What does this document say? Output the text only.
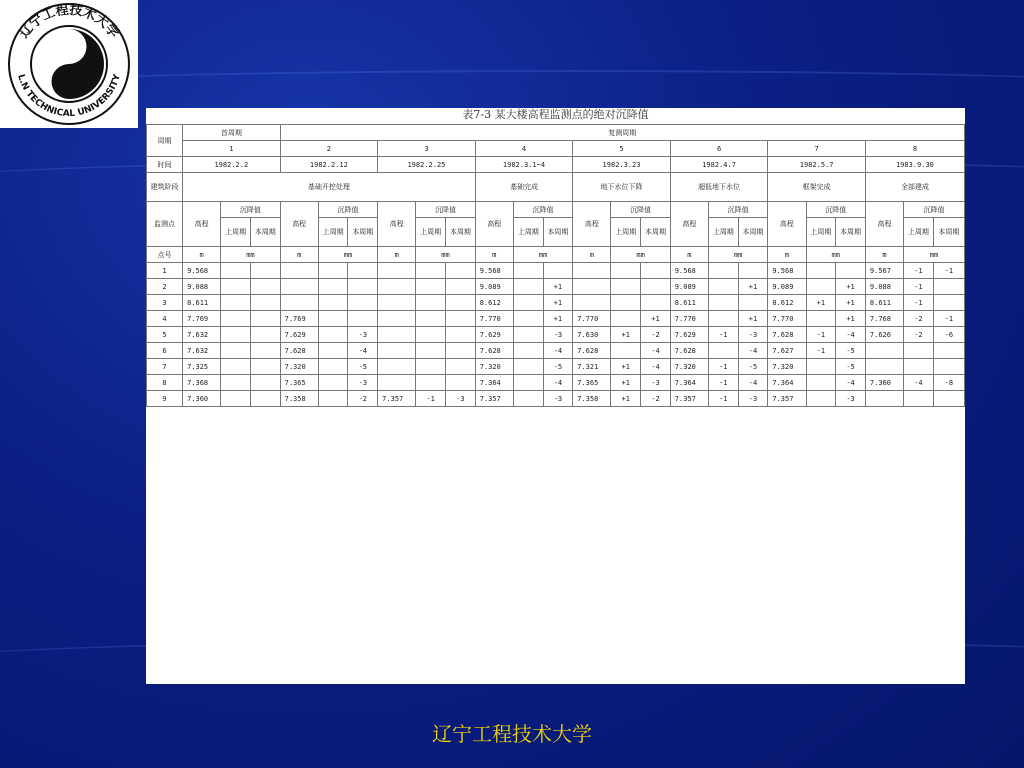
辽宁工程技术大学
L.N TECHNICAL UNIVERSITY
表7-3 某大楼高程监测点的绝对沉降值
周期	首周期			复测周期																				
	1			2			3			4			5			6			7			8		
时间	1982.2.2			1982.2.12			1982.2.25			1982.3.1~4			1982.3.23			1982.4.7			1982.5.7			1983.9.30		
建筑阶段	基础开挖处理									基础完成			地下水位下降			超低地下水位			框架完成			全部建成		
监测点	高程	沉降值		高程	沉降值		高程	沉降值		高程	沉降值		高程	沉降值		高程	沉降值		高程	沉降值		高程	沉降值	
		上周期	本周期		上周期	本周期		上周期	本周期		上周期	本周期		上周期	本周期		上周期	本周期		上周期	本周期		上周期	本周期
点号	m	mm		m	mm		m	mm		m	mm		m	mm		m	mm		m	mm		m	mm	
1	9.568									9.568						9.568			9.568			9.567	-1	-1
2	9.088									9.089		+1				9.089		+1	9.089		+1	9.088	-1	
3	8.611									8.612		+1				8.611			8.612	+1	+1	8.611	-1	
4	7.769			7.769						7.770		+1	7.770		+1	7.770		+1	7.770		+1	7.768	-2	-1
5	7.632			7.629		-3				7.629		-3	7.630	+1	-2	7.629	-1	-3	7.628	-1	-4	7.626	-2	-6
6	7.632			7.628		-4				7.628		-4	7.628		-4	7.628		-4	7.627	-1	-5			
7	7.325			7.320		-5				7.320		-5	7.321	+1	-4	7.320	-1	-5	7.320		-5			
8	7.368			7.365		-3				7.364		-4	7.365	+1	-3	7.364	-1	-4	7.364		-4	7.360	-4	-8
9	7.360			7.358		-2	7.357	-1	-3	7.357		-3	7.358	+1	-2	7.357	-1	-3	7.357		-3			
辽宁工程技术大学
